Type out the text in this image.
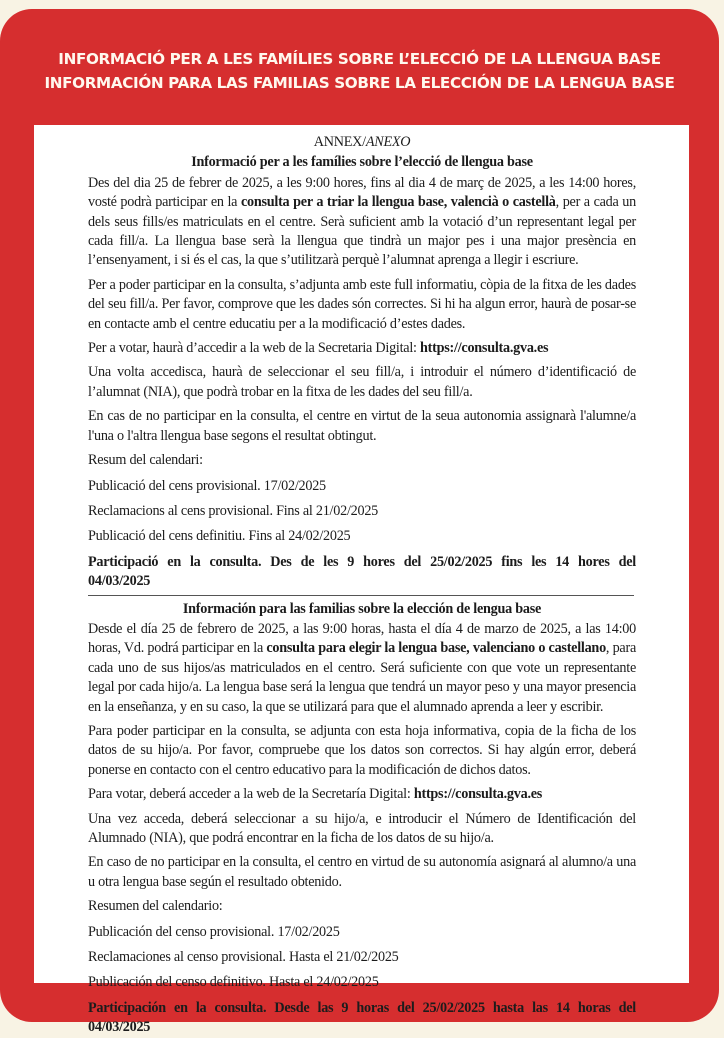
INFORMACIÓ PER A LES FAMÍLIES SOBRE L’ELECCIÓ DE LA LLENGUA BASE
INFORMACIÓN PARA LAS FAMILIAS SOBRE LA ELECCIÓN DE LA LENGUA BASE
ANNEX/ANEXO
Informació per a les famílies sobre l’elecció de llengua base

Des del dia 25 de febrer de 2025, a les 9:00 hores, fins al dia 4 de març de 2025, a les 14:00 hores, vosté podrà participar en la consulta per a triar la llengua base, valencià o castellà, per a cada un dels seus fills/es matriculats en el centre. Serà suficient amb la votació d’un representant legal per cada fill/a. La llengua base serà la llengua que tindrà un major pes i una major presència en l’ensenyament, i si és el cas, la que s’utilitzarà perquè l’alumnat aprenga a llegir i escriure.

Per a poder participar en la consulta, s’adjunta amb este full informatiu, còpia de la fitxa de les dades del seu fill/a. Per favor, comprove que les dades són correctes. Si hi ha algun error, haurà de posar-se en contacte amb el centre educatiu per a la modificació d’estes dades.

Per a votar, haurà d’accedir a la web de la Secretaria Digital: https://consulta.gva.es

Una volta accedisca, haurà de seleccionar el seu fill/a, i introduir el número d’identificació de l’alumnat (NIA), que podrà trobar en la fitxa de les dades del seu fill/a.

En cas de no participar en la consulta, el centre en virtut de la seua autonomia assignarà l'alumne/a l'una o l'altra llengua base segons el resultat obtingut.

Resum del calendari:

Publicació del cens provisional. 17/02/2025

Reclamacions al cens provisional. Fins al 21/02/2025

Publicació del cens definitiu. Fins al 24/02/2025

Participació en la consulta. Des de les 9 hores del 25/02/2025 fins les 14 hores del 04/03/2025

Información para las familias sobre la elección de lengua base

Desde el día 25 de febrero de 2025, a las 9:00 horas, hasta el día 4 de marzo de 2025, a las 14:00 horas, Vd. podrá participar en la consulta para elegir la lengua base, valenciano o castellano, para cada uno de sus hijos/as matriculados en el centro. Será suficiente con que vote un representante legal por cada hijo/a. La lengua base será la lengua que tendrá un mayor peso y una mayor presencia en la enseñanza, y en su caso, la que se utilizará para que el alumnado aprenda a leer y escribir.

Para poder participar en la consulta, se adjunta con esta hoja informativa, copia de la ficha de los datos de su hijo/a. Por favor, compruebe que los datos son correctos. Si hay algún error, deberá ponerse en contacto con el centro educativo para la modificación de dichos datos.

Para votar, deberá acceder a la web de la Secretaría Digital: https://consulta.gva.es

Una vez acceda, deberá seleccionar a su hijo/a, e introducir el Número de Identificación del Alumnado (NIA), que podrá encontrar en la ficha de los datos de su hijo/a.

En caso de no participar en la consulta, el centro en virtud de su autonomía asignará al alumno/a una u otra lengua base según el resultado obtenido.

Resumen del calendario:

Publicación del censo provisional. 17/02/2025

Reclamaciones al censo provisional. Hasta el 21/02/2025

Publicación del censo definitivo. Hasta el 24/02/2025

Participación en la consulta. Desde las 9 horas del 25/02/2025 hasta las 14 horas del 04/03/2025
